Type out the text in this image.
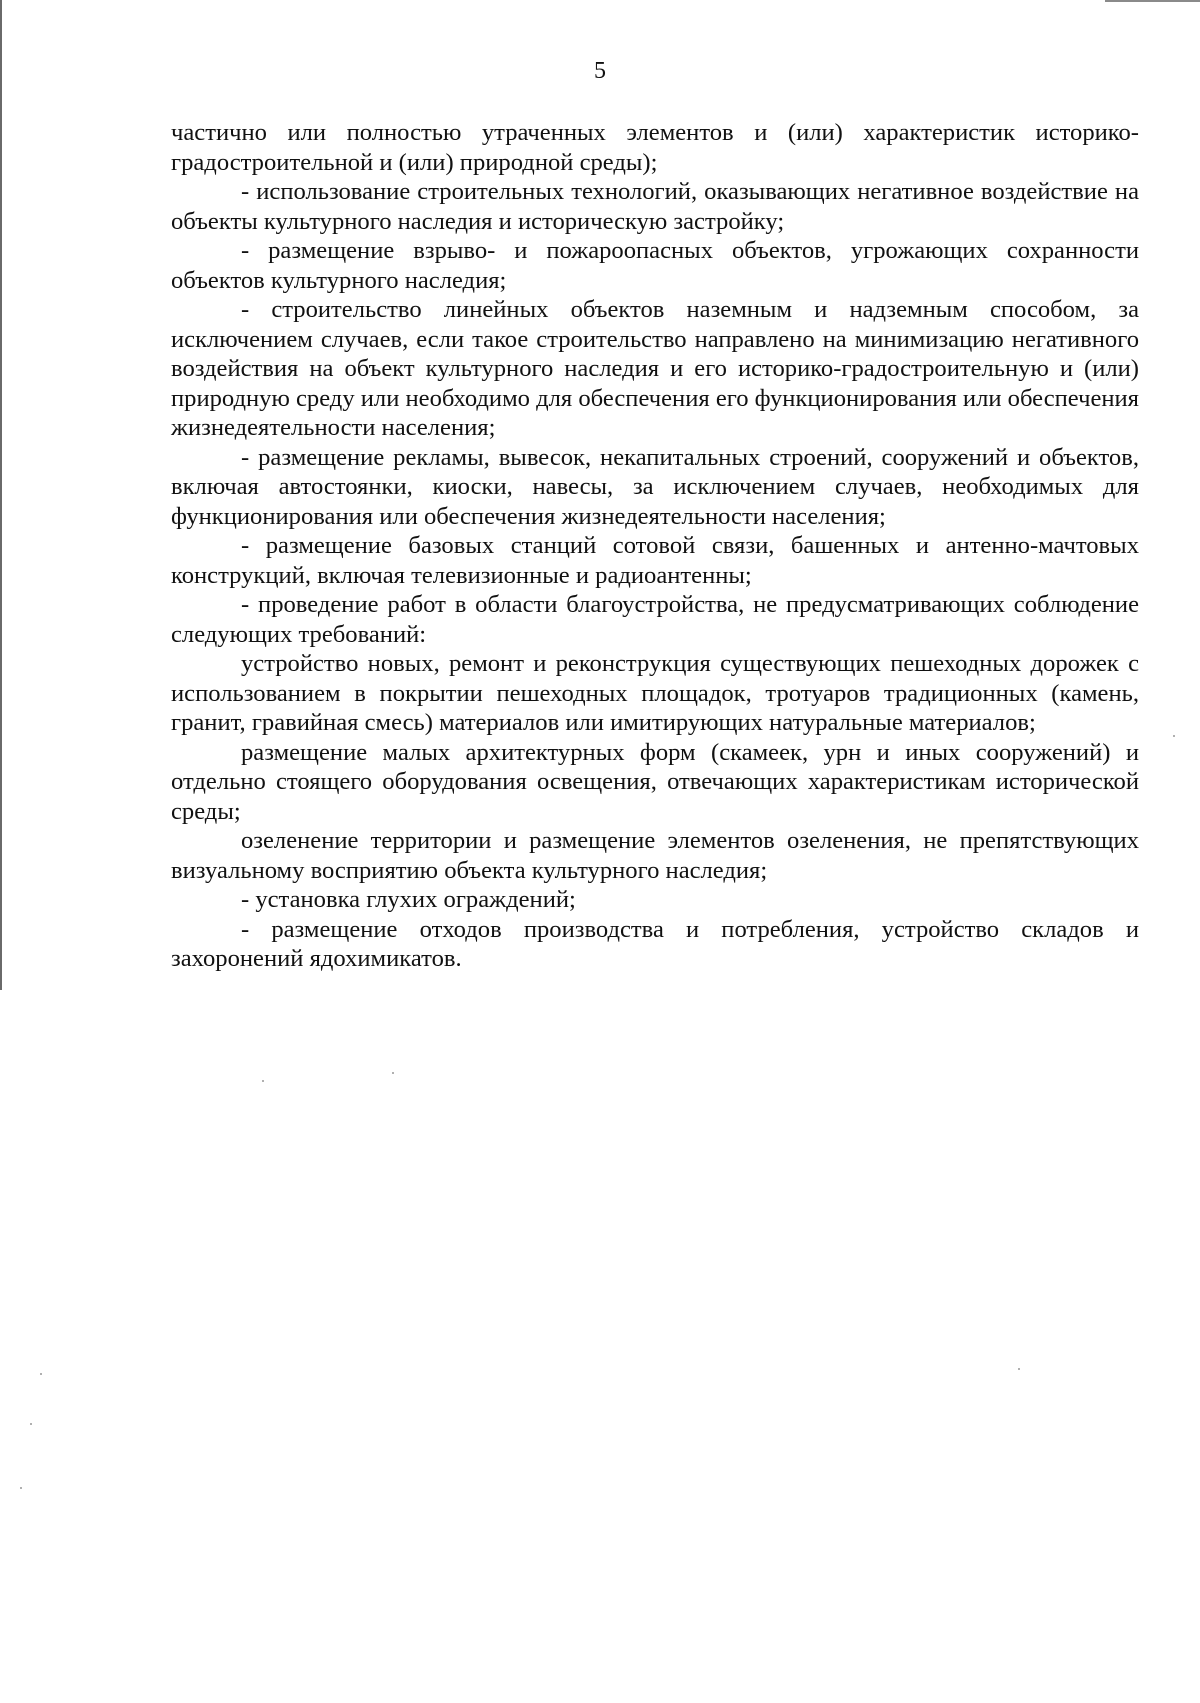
5

частично или полностью утраченных элементов и (или) характеристик историко-градостроительной и (или) природной среды);

- использование строительных технологий, оказывающих негативное воздействие на объекты культурного наследия и историческую застройку;

- размещение взрыво- и пожароопасных объектов, угрожающих сохранности объектов культурного наследия;

- строительство линейных объектов наземным и надземным способом, за исключением случаев, если такое строительство направлено на минимизацию негативного воздействия на объект культурного наследия и его историко-градостроительную и (или) природную среду или необходимо для обеспечения его функционирования или обеспечения жизнедеятельности населения;

- размещение рекламы, вывесок, некапитальных строений, сооружений и объектов, включая автостоянки, киоски, навесы, за исключением случаев, необходимых для функционирования или обеспечения жизнедеятельности населения;

- размещение базовых станций сотовой связи, башенных и антенно-мачтовых конструкций, включая телевизионные и радиоантенны;

- проведение работ в области благоустройства, не предусматривающих соблюдение следующих требований:

устройство новых, ремонт и реконструкция существующих пешеходных дорожек с использованием в покрытии пешеходных площадок, тротуаров традиционных (камень, гранит, гравийная смесь) материалов или имитирующих натуральные материалов;

размещение малых архитектурных форм (скамеек, урн и иных сооружений) и отдельно стоящего оборудования освещения, отвечающих характеристикам исторической среды;

озеленение территории и размещение элементов озеленения, не препятствующих визуальному восприятию объекта культурного наследия;

- установка глухих ограждений;

- размещение отходов производства и потребления, устройство складов и захоронений ядохимикатов.
